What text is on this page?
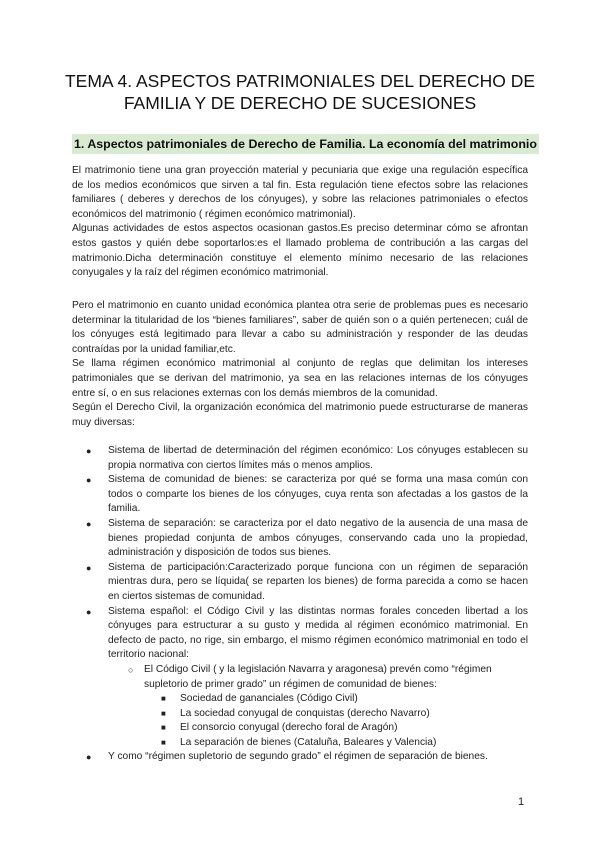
TEMA 4. ASPECTOS PATRIMONIALES DEL DERECHO DE FAMILIA Y DE DERECHO DE SUCESIONES
1. Aspectos patrimoniales de Derecho de Familia. La economía del matrimonio

El matrimonio tiene una gran proyección material y pecuniaria que exige una regulación específica de los medios económicos que sirven a tal fin. Esta regulación tiene efectos sobre las relaciones familiares ( deberes y derechos de los cónyuges), y sobre las relaciones patrimoniales o efectos económicos del matrimonio ( régimen económico matrimonial).

Algunas actividades de estos aspectos ocasionan gastos.Es preciso determinar cómo se afrontan estos gastos y quién debe soportarlos:es el llamado problema de contribución a las cargas del matrimonio.Dicha determinación constituye el elemento mínimo necesario de las relaciones conyugales y la raíz del régimen económico matrimonial.

Pero el matrimonio en cuanto unidad económica plantea otra serie de problemas pues es necesario determinar la titularidad de los “bienes familiares”, saber de quién son o a quién pertenecen; cuál de los cónyuges está legitimado para llevar a cabo su administración y responder de las deudas contraídas por la unidad familiar,etc.

Se llama régimen económico matrimonial al conjunto de reglas que delimitan los intereses patrimoniales que se derivan del matrimonio, ya sea en las relaciones internas de los cónyuges entre sí, o en sus relaciones externas con los demás miembros de la comunidad.

Según el Derecho Civil, la organización económica del matrimonio puede estructurarse de maneras muy diversas:

● Sistema de libertad de determinación del régimen económico: Los cónyuges establecen su propia normativa con ciertos límites más o menos amplios.
● Sistema de comunidad de bienes: se caracteriza por qué se forma una masa común con todos o comparte los bienes de los cónyuges, cuya renta son afectadas a los gastos de la familia.
● Sistema de separación: se caracteriza por el dato negativo de la ausencia de una masa de bienes propiedad conjunta de ambos cónyuges, conservando cada uno la propiedad, administración y disposición de todos sus bienes.
● Sistema de participación:Caracterizado porque funciona con un régimen de separación mientras dura, pero se líquida( se reparten los bienes) de forma parecida a como se hacen en ciertos sistemas de comunidad.
● Sistema español: el Código Civil y las distintas normas forales conceden libertad a los cónyuges para estructurar a su gusto y medida al régimen económico matrimonial. En defecto de pacto, no rige, sin embargo, el mismo régimen económico matrimonial en todo el territorio nacional:
○ El Código Civil ( y la legislación Navarra y aragonesa) prevén como “régimen supletorio de primer grado” un régimen de comunidad de bienes:
■ Sociedad de gananciales (Código Civil)
■ La sociedad conyugal de conquistas (derecho Navarro)
■ El consorcio conyugal (derecho foral de Aragón)
■ La separación de bienes (Cataluña, Baleares y Valencia)
● Y como “régimen supletorio de segundo grado” el régimen de separación de bienes.
1
